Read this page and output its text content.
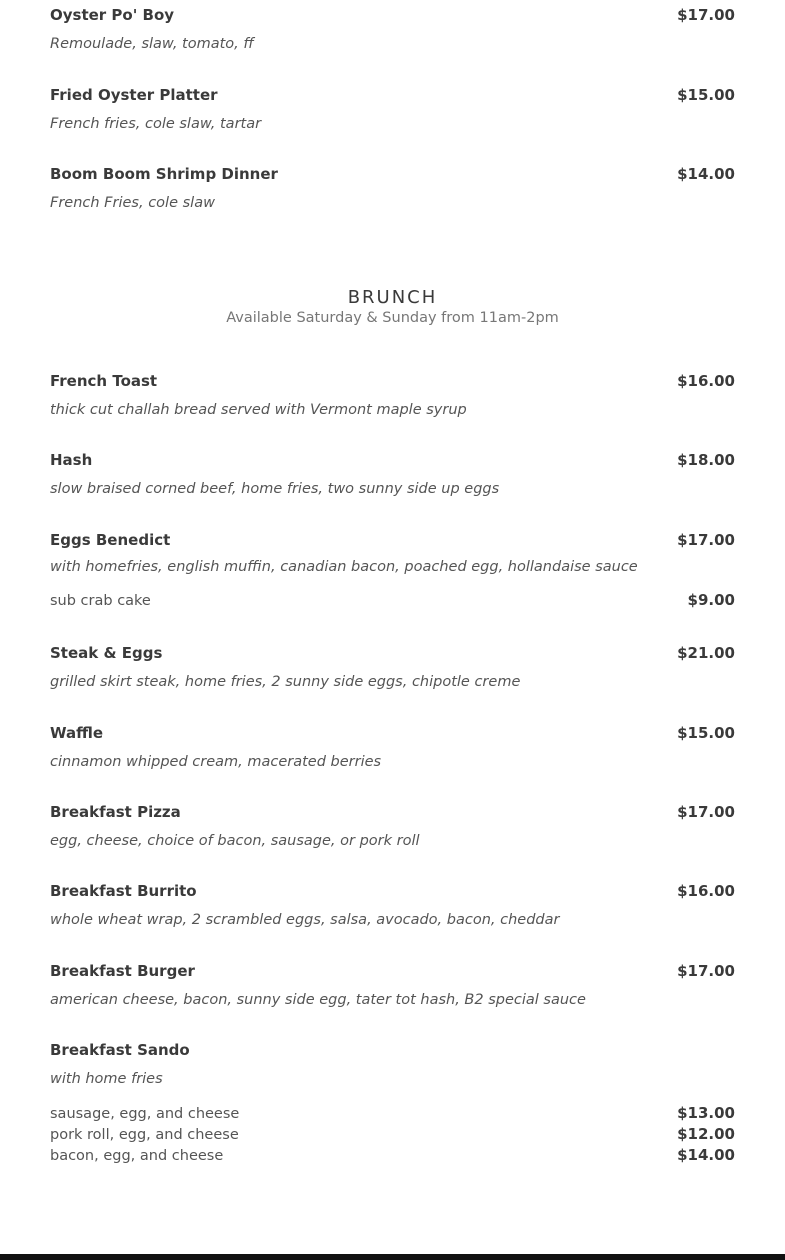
Oyster Po' Boy	$17.00
Remoulade, slaw, tomato, ff
Fried Oyster Platter	$15.00
French fries, cole slaw, tartar
Boom Boom Shrimp Dinner	$14.00
French Fries, cole slaw
BRUNCH
Available Saturday & Sunday from 11am-2pm
French Toast	$16.00
thick cut challah bread served with Vermont maple syrup
Hash	$18.00
slow braised corned beef, home fries, two sunny side up eggs
Eggs Benedict	$17.00
with homefries, english muffin, canadian bacon, poached egg, hollandaise sauce
sub crab cake	$9.00
Steak & Eggs	$21.00
grilled skirt steak, home fries, 2 sunny side eggs, chipotle creme
Waffle	$15.00
cinnamon whipped cream, macerated berries
Breakfast Pizza	$17.00
egg, cheese, choice of bacon, sausage, or pork roll
Breakfast Burrito	$16.00
whole wheat wrap, 2 scrambled eggs, salsa, avocado, bacon, cheddar
Breakfast Burger	$17.00
american cheese, bacon, sunny side egg, tater tot hash, B2 special sauce
Breakfast Sando
with home fries
sausage, egg, and cheese	$13.00
pork roll, egg, and cheese	$12.00
bacon, egg, and cheese	$14.00
